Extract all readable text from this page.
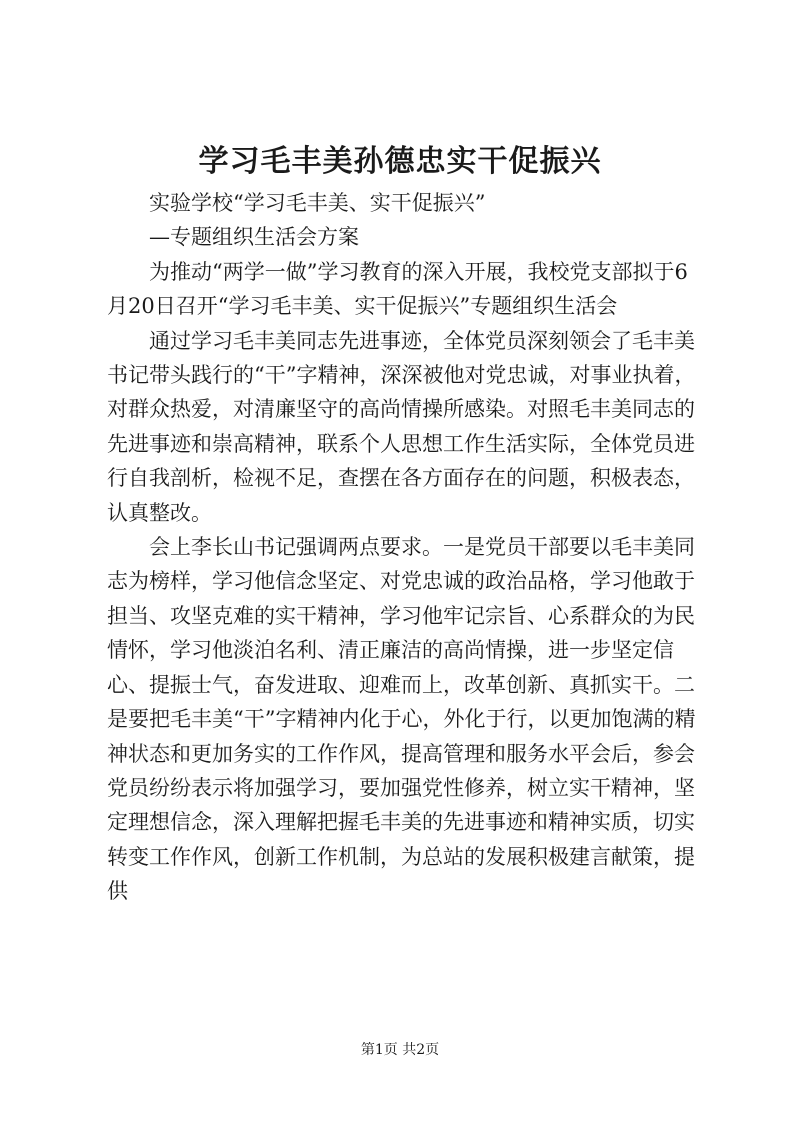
学习毛丰美孙德忠实干促振兴

实验学校“学习毛丰美、实干促振兴”

—专题组织生活会方案

为推动“两学一做”学习教育的深入开展，我校党支部拟于6月20日召开“学习毛丰美、实干促振兴”专题组织生活会

通过学习毛丰美同志先进事迹，全体党员深刻领会了毛丰美书记带头践行的“干”字精神，深深被他对党忠诚，对事业执着，对群众热爱，对清廉坚守的高尚情操所感染。对照毛丰美同志的先进事迹和崇高精神，联系个人思想工作生活实际，全体党员进行自我剖析，检视不足，查摆在各方面存在的问题，积极表态，认真整改。

会上李长山书记强调两点要求。一是党员干部要以毛丰美同志为榜样，学习他信念坚定、对党忠诚的政治品格，学习他敢于担当、攻坚克难的实干精神，学习他牢记宗旨、心系群众的为民情怀，学习他淡泊名利、清正廉洁的高尚情操，进一步坚定信心、提振士气，奋发进取、迎难而上，改革创新、真抓实干。二是要把毛丰美“干”字精神内化于心，外化于行，以更加饱满的精神状态和更加务实的工作作风，提高管理和服务水平会后，参会党员纷纷表示将加强学习，要加强党性修养，树立实干精神，坚定理想信念，深入理解把握毛丰美的先进事迹和精神实质，切实转变工作作风，创新工作机制，为总站的发展积极建言献策，提供

第1页 共2页
